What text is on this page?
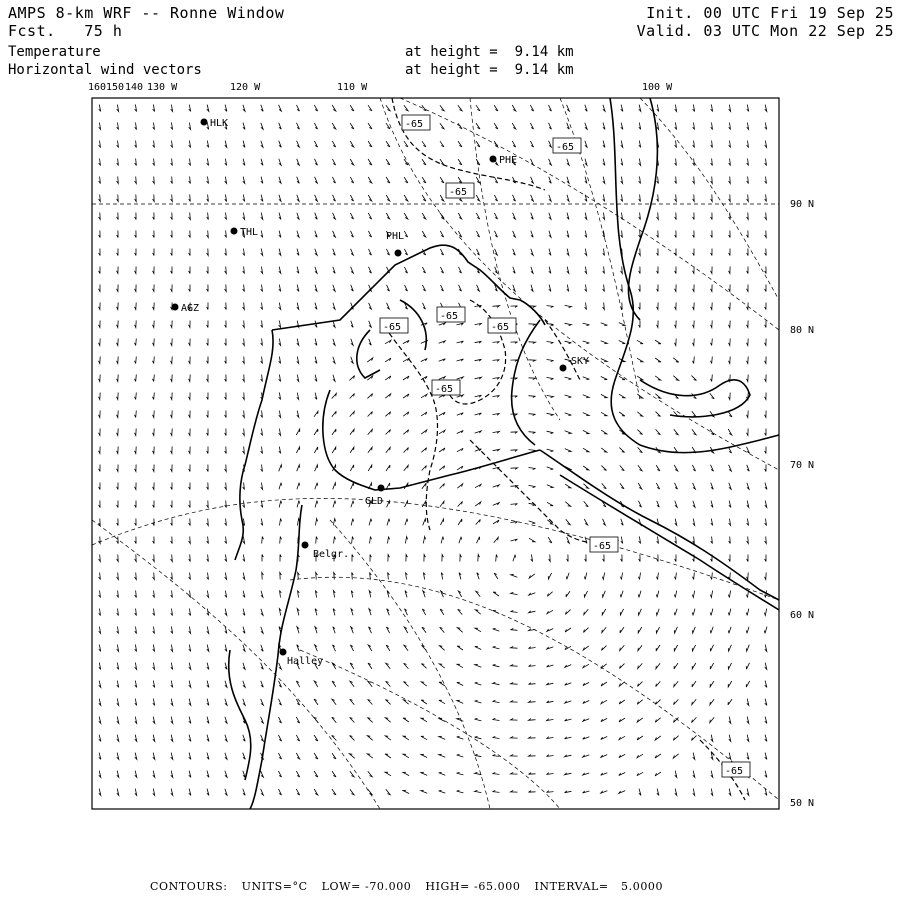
AMPS 8-km WRF -- Ronne Window
Fcst.   75 h
Init. 00 UTC Fri 19 Sep 25
Valid. 03 UTC Mon 22 Sep 25
Temperature
Horizontal wind vectors
at height =  9.14 km
at height =  9.14 km
-65
-65
-65
-65
-65	-65
-65
-65
-65
HLK
PHE
THL	PHL
AGZ
SKY
GLD
Belgr.
Halley
160 150 140 130 W	120 W	110 W	100 W
90 N
80 N
70 N
60 N
50 N
CONTOURS: UNITS=°C LOW= -70.000 HIGH= -65.000 INTERVAL=   5.0000
